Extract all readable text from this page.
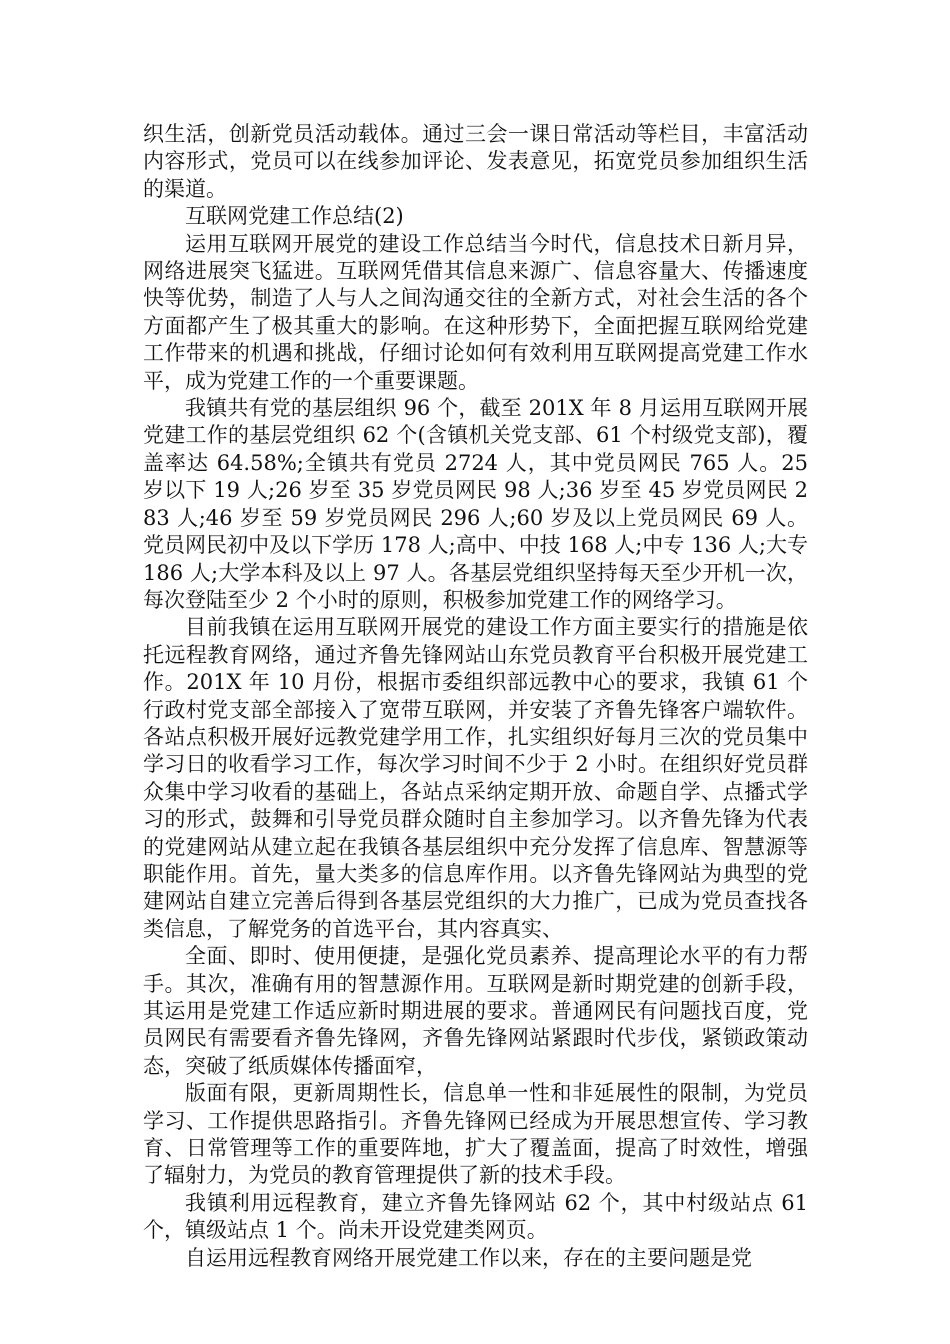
织生活，创新党员活动载体。通过三会一课日常活动等栏目，丰富活动内容形式，党员可以在线参加评论、发表意见，拓宽党员参加组织生活的渠道。

互联网党建工作总结(2)

运用互联网开展党的建设工作总结当今时代，信息技术日新月异，网络进展突飞猛进。互联网凭借其信息来源广、信息容量大、传播速度快等优势，制造了人与人之间沟通交往的全新方式，对社会生活的各个方面都产生了极其重大的影响。在这种形势下，全面把握互联网给党建工作带来的机遇和挑战，仔细讨论如何有效利用互联网提高党建工作水平，成为党建工作的一个重要课题。

我镇共有党的基层组织 96 个，截至 201X 年 8 月运用互联网开展党建工作的基层党组织 62 个(含镇机关党支部、61 个村级党支部)，覆盖率达 64.58%;全镇共有党员 2724 人，其中党员网民 765 人。25 岁以下 19 人;26 岁至 35 岁党员网民 98 人;36 岁至 45 岁党员网民 283 人;46 岁至 59 岁党员网民 296 人;60 岁及以上党员网民 69 人。党员网民初中及以下学历 178 人;高中、中技 168 人;中专 136 人;大专 186 人;大学本科及以上 97 人。各基层党组织坚持每天至少开机一次，每次登陆至少 2 个小时的原则，积极参加党建工作的网络学习。

目前我镇在运用互联网开展党的建设工作方面主要实行的措施是依托远程教育网络，通过齐鲁先锋网站山东党员教育平台积极开展党建工作。201X 年 10 月份，根据市委组织部远教中心的要求，我镇 61 个行政村党支部全部接入了宽带互联网，并安装了齐鲁先锋客户端软件。各站点积极开展好远教党建学用工作，扎实组织好每月三次的党员集中学习日的收看学习工作，每次学习时间不少于 2 小时。在组织好党员群众集中学习收看的基础上，各站点采纳定期开放、命题自学、点播式学习的形式，鼓舞和引导党员群众随时自主参加学习。以齐鲁先锋为代表的党建网站从建立起在我镇各基层组织中充分发挥了信息库、智慧源等职能作用。首先，量大类多的信息库作用。以齐鲁先锋网站为典型的党建网站自建立完善后得到各基层党组织的大力推广，已成为党员查找各类信息，了解党务的首选平台，其内容真实、

全面、即时、使用便捷，是强化党员素养、提高理论水平的有力帮手。其次，准确有用的智慧源作用。互联网是新时期党建的创新手段，其运用是党建工作适应新时期进展的要求。普通网民有问题找百度，党员网民有需要看齐鲁先锋网，齐鲁先锋网站紧跟时代步伐，紧锁政策动态，突破了纸质媒体传播面窄，

版面有限，更新周期性长，信息单一性和非延展性的限制，为党员学习、工作提供思路指引。齐鲁先锋网已经成为开展思想宣传、学习教育、日常管理等工作的重要阵地，扩大了覆盖面，提高了时效性，增强了辐射力，为党员的教育管理提供了新的技术手段。

我镇利用远程教育，建立齐鲁先锋网站 62 个，其中村级站点 61 个，镇级站点 1 个。尚未开设党建类网页。

自运用远程教育网络开展党建工作以来，存在的主要问题是党
